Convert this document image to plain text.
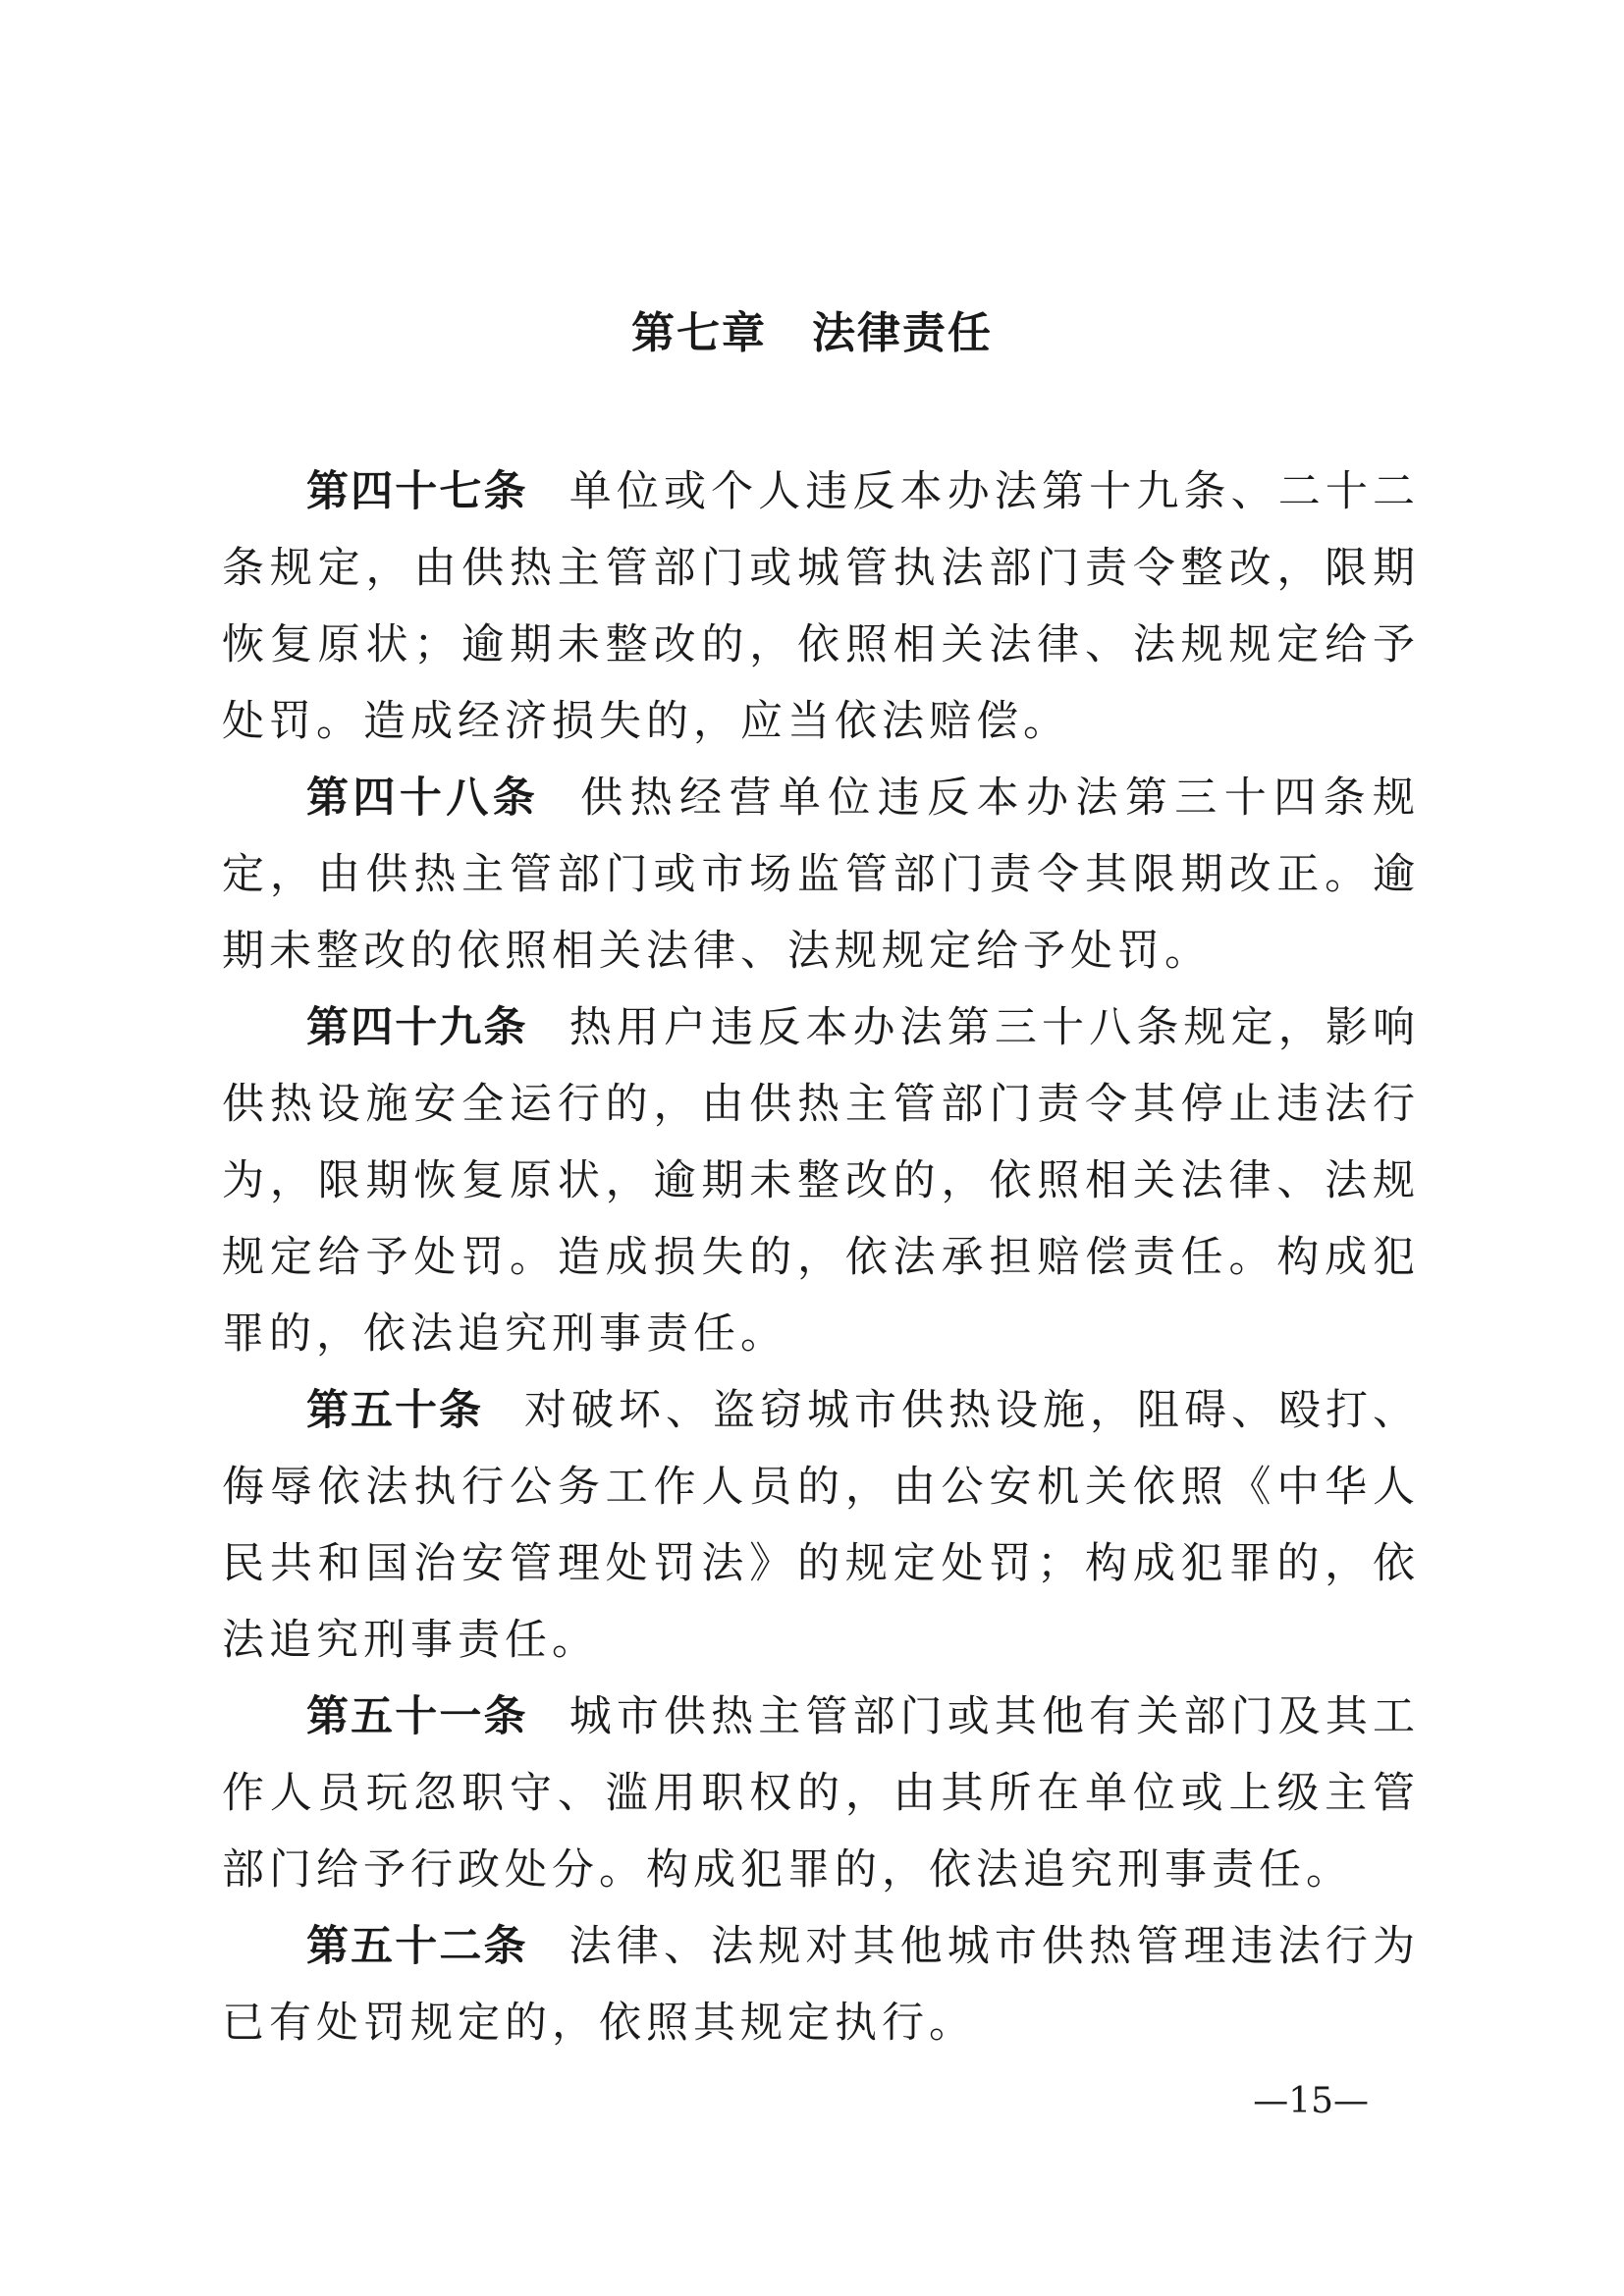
第七章　法律责任

第四十七条 单位或个人违反本办法第十九条、二十二条规定，由供热主管部门或城管执法部门责令整改，限期恢复原状；逾期未整改的，依照相关法律、法规规定给予处罚。造成经济损失的，应当依法赔偿。

第四十八条 供热经营单位违反本办法第三十四条规定，由供热主管部门或市场监管部门责令其限期改正。逾期未整改的依照相关法律、法规规定给予处罚。

第四十九条 热用户违反本办法第三十八条规定，影响供热设施安全运行的，由供热主管部门责令其停止违法行为，限期恢复原状，逾期未整改的，依照相关法律、法规规定给予处罚。造成损失的，依法承担赔偿责任。构成犯罪的，依法追究刑事责任。

第五十条 对破坏、盗窃城市供热设施，阻碍、殴打、侮辱依法执行公务工作人员的，由公安机关依照《中华人民共和国治安管理处罚法》的规定处罚；构成犯罪的，依法追究刑事责任。

第五十一条 城市供热主管部门或其他有关部门及其工作人员玩忽职守、滥用职权的，由其所在单位或上级主管部门给予行政处分。构成犯罪的，依法追究刑事责任。

第五十二条 法律、法规对其他城市供热管理违法行为已有处罚规定的，依照其规定执行。

—15—
